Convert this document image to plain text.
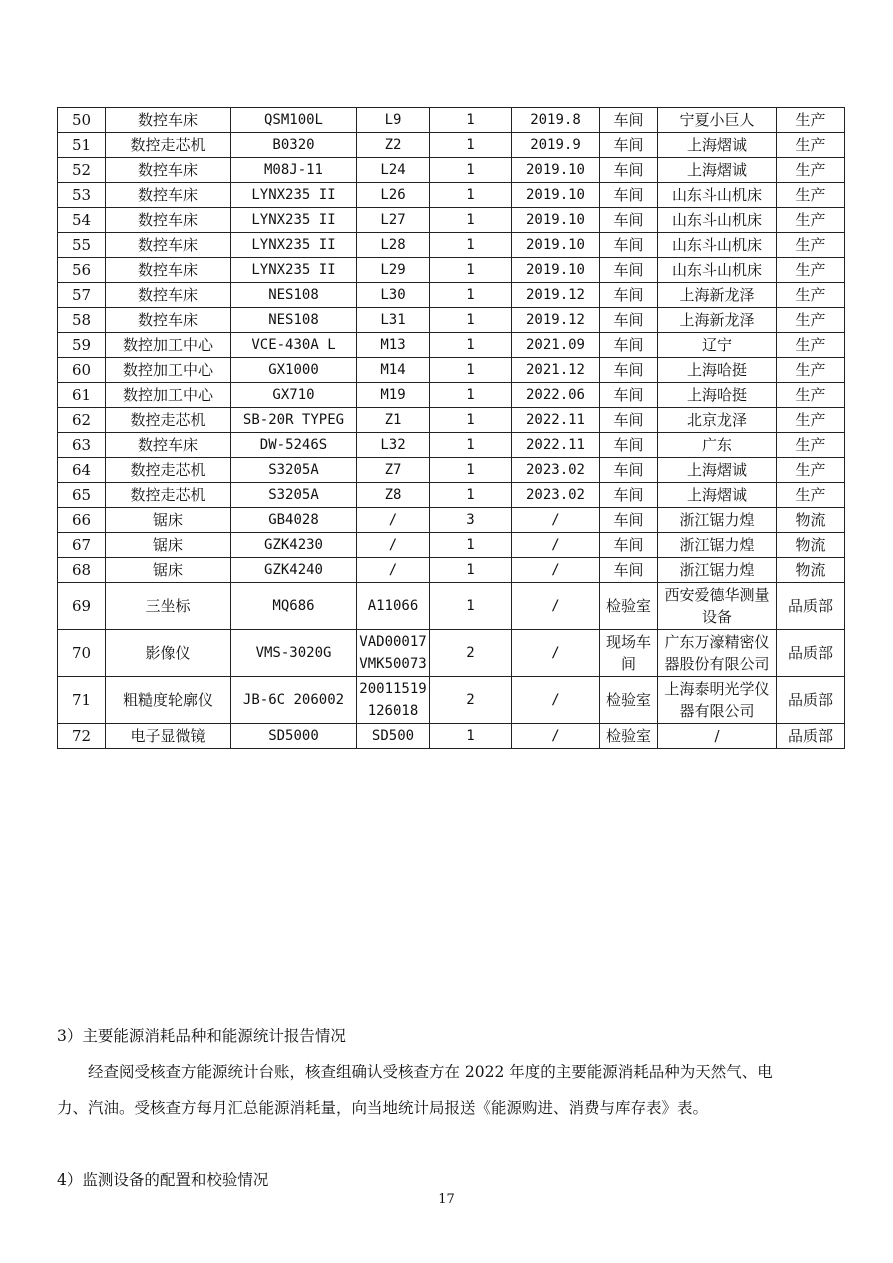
50	数控车床	QSM100L	L9	1	2019.8	车间	宁夏小巨人	生产
51	数控走芯机	B0320	Z2	1	2019.9	车间	上海熠诚	生产
52	数控车床	M08J-11	L24	1	2019.10	车间	上海熠诚	生产
53	数控车床	LYNX235 II	L26	1	2019.10	车间	山东斗山机床	生产
54	数控车床	LYNX235 II	L27	1	2019.10	车间	山东斗山机床	生产
55	数控车床	LYNX235 II	L28	1	2019.10	车间	山东斗山机床	生产
56	数控车床	LYNX235 II	L29	1	2019.10	车间	山东斗山机床	生产
57	数控车床	NES108	L30	1	2019.12	车间	上海新龙泽	生产
58	数控车床	NES108	L31	1	2019.12	车间	上海新龙泽	生产
59	数控加工中心	VCE-430A L	M13	1	2021.09	车间	辽宁	生产
60	数控加工中心	GX1000	M14	1	2021.12	车间	上海哈挺	生产
61	数控加工中心	GX710	M19	1	2022.06	车间	上海哈挺	生产
62	数控走芯机	SB-20R TYPEG	Z1	1	2022.11	车间	北京龙泽	生产
63	数控车床	DW-5246S	L32	1	2022.11	车间	广东	生产
64	数控走芯机	S3205A	Z7	1	2023.02	车间	上海熠诚	生产
65	数控走芯机	S3205A	Z8	1	2023.02	车间	上海熠诚	生产
66	锯床	GB4028	/	3	/	车间	浙江锯力煌	物流
67	锯床	GZK4230	/	1	/	车间	浙江锯力煌	物流
68	锯床	GZK4240	/	1	/	车间	浙江锯力煌	物流
69	三坐标	MQ686	A11066	1	/	检验室	西安爱德华测量设备	品质部
70	影像仪	VMS-3020G	VAD00017VMK50073	2	/	现场车间	广东万濠精密仪器股份有限公司	品质部
71	粗糙度轮廓仪	JB-6C 206002	20011519126018	2	/	检验室	上海泰明光学仪器有限公司	品质部
72	电子显微镜	SD5000	SD500	1	/	检验室	/	品质部
3）主要能源消耗品种和能源统计报告情况
经查阅受核查方能源统计台账，核查组确认受核查方在 2022 年度的主要能源消耗品种为天然气、电力、汽油。受核查方每月汇总能源消耗量，向当地统计局报送《能源购进、消费与库存表》表。
4）监测设备的配置和校验情况
17
